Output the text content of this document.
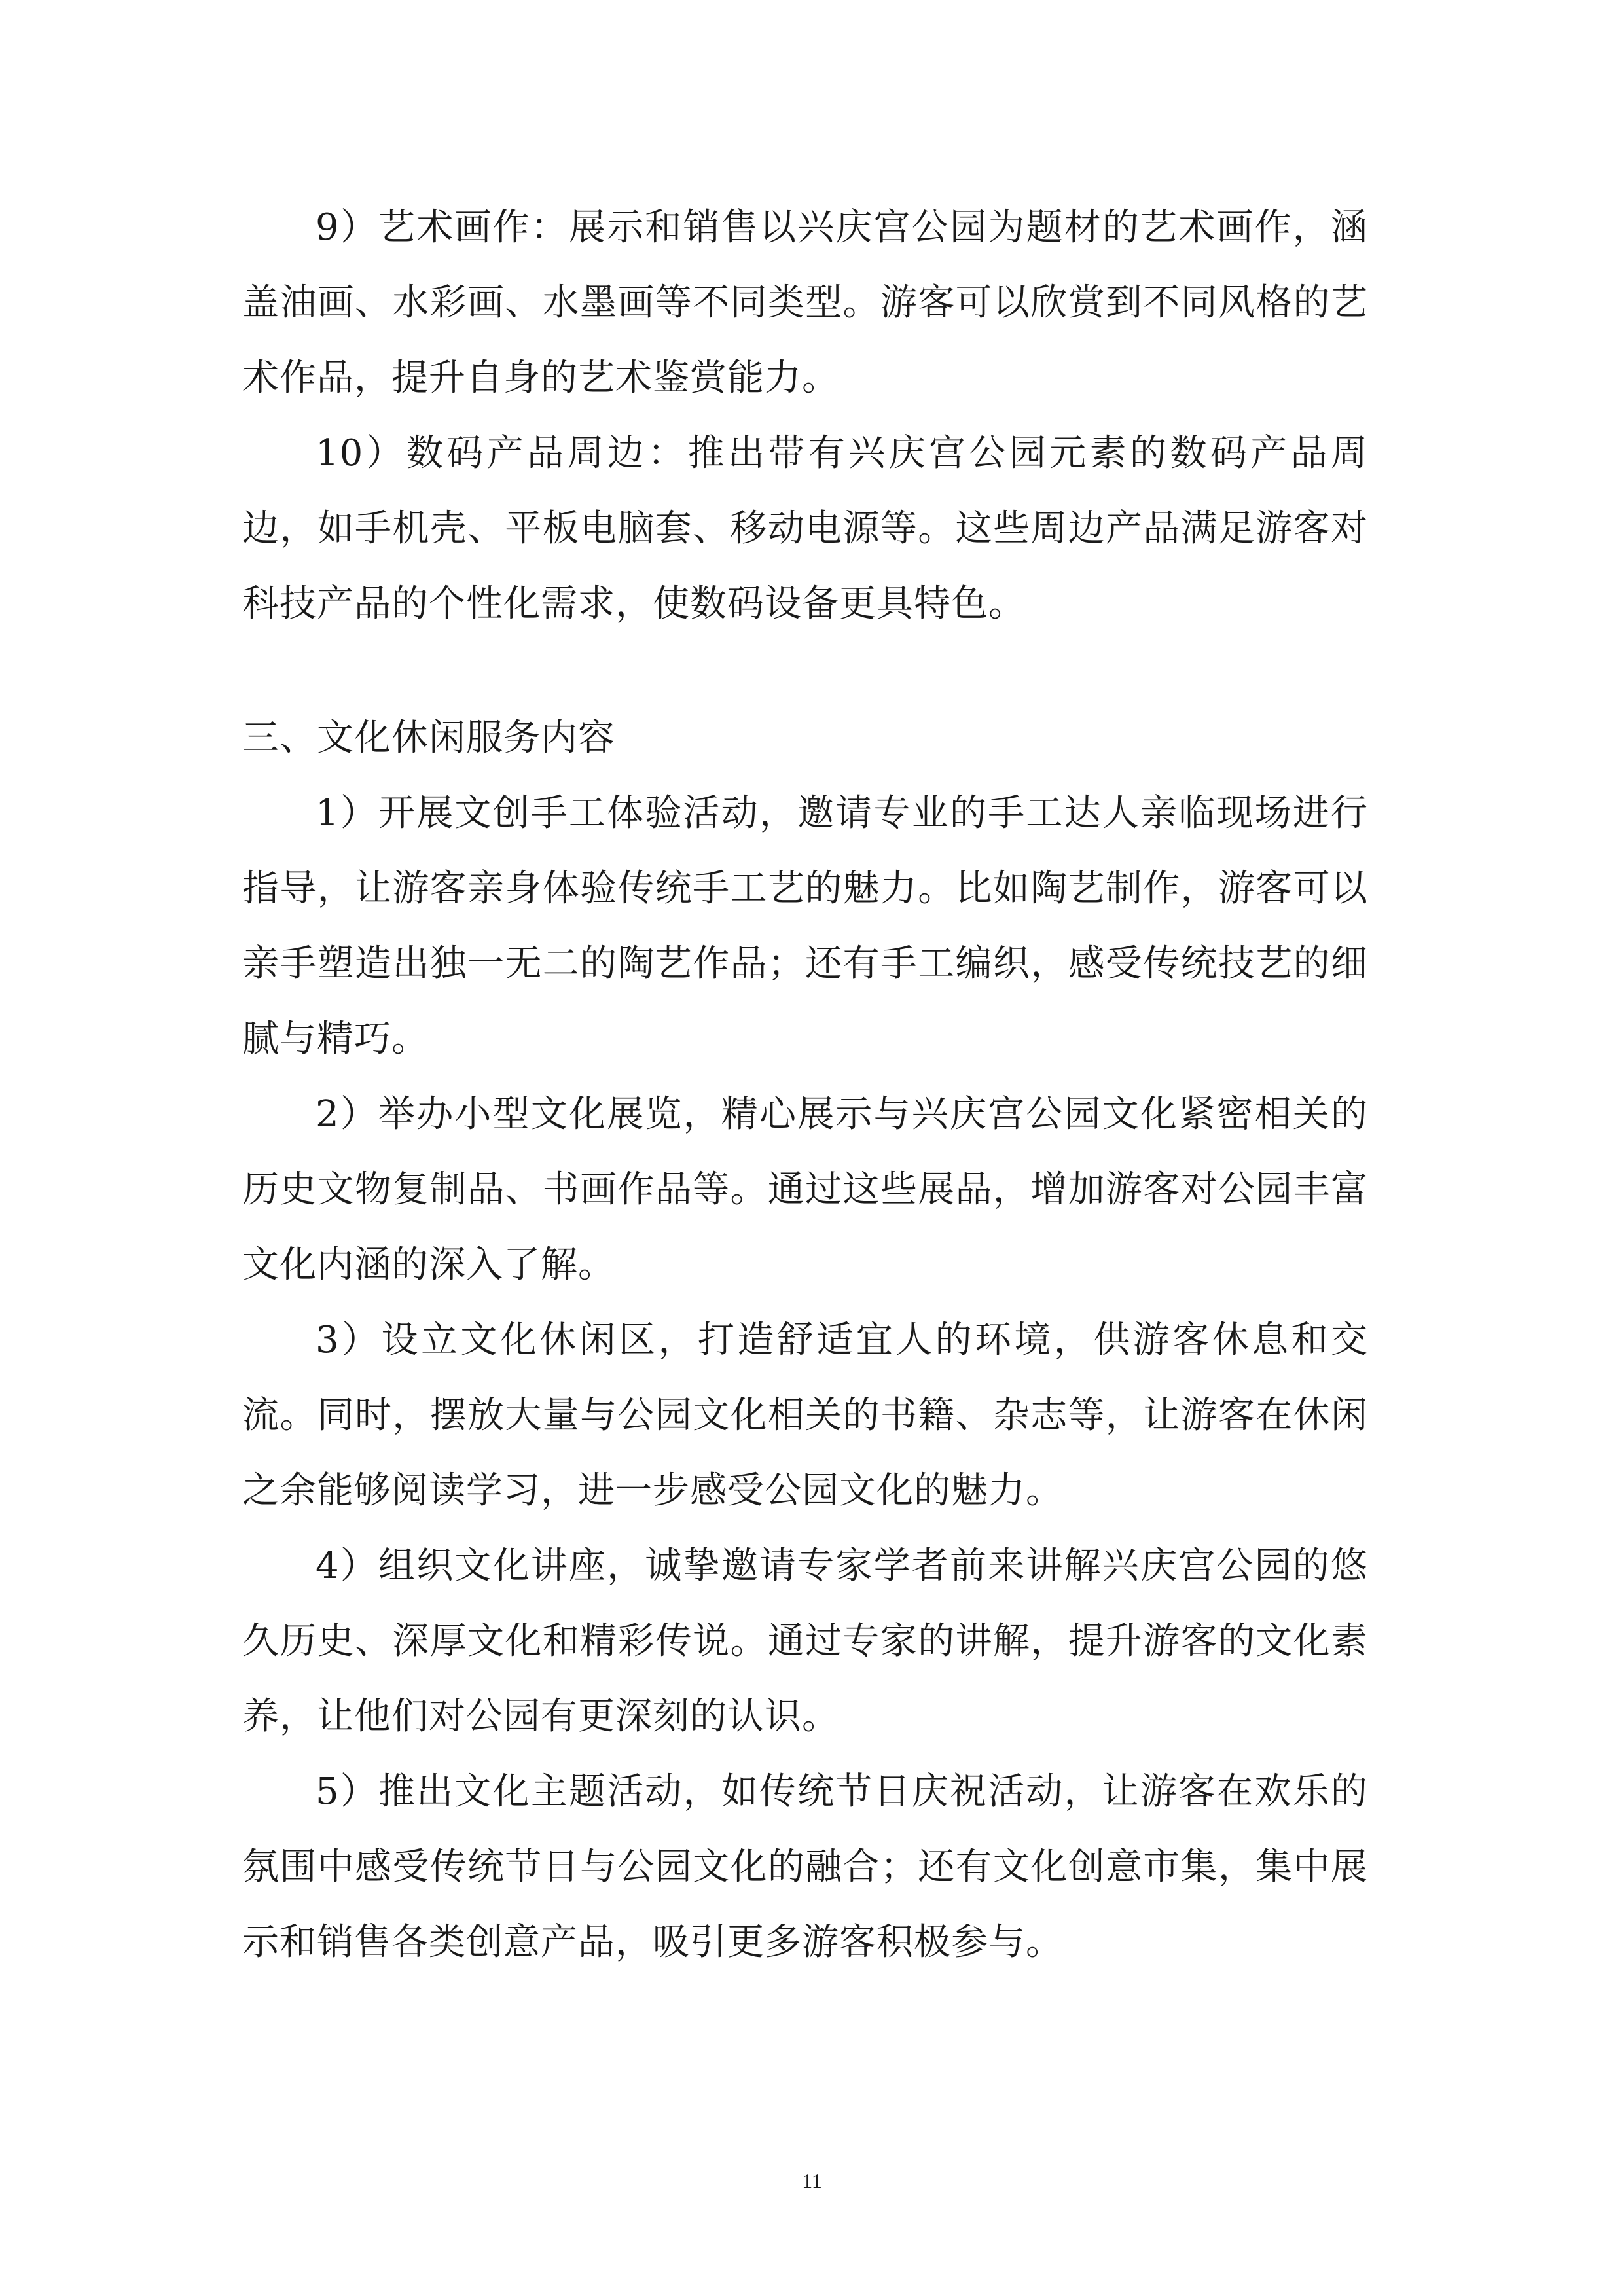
9）艺术画作：展示和销售以兴庆宫公园为题材的艺术画作，涵盖油画、水彩画、水墨画等不同类型。游客可以欣赏到不同风格的艺术作品，提升自身的艺术鉴赏能力。

10）数码产品周边：推出带有兴庆宫公园元素的数码产品周边，如手机壳、平板电脑套、移动电源等。这些周边产品满足游客对科技产品的个性化需求，使数码设备更具特色。

三、文化休闲服务内容

1）开展文创手工体验活动，邀请专业的手工达人亲临现场进行指导，让游客亲身体验传统手工艺的魅力。比如陶艺制作，游客可以亲手塑造出独一无二的陶艺作品；还有手工编织，感受传统技艺的细腻与精巧。

2）举办小型文化展览，精心展示与兴庆宫公园文化紧密相关的历史文物复制品、书画作品等。通过这些展品，增加游客对公园丰富文化内涵的深入了解。

3）设立文化休闲区，打造舒适宜人的环境，供游客休息和交流。同时，摆放大量与公园文化相关的书籍、杂志等，让游客在休闲之余能够阅读学习，进一步感受公园文化的魅力。

4）组织文化讲座，诚挚邀请专家学者前来讲解兴庆宫公园的悠久历史、深厚文化和精彩传说。通过专家的讲解，提升游客的文化素养，让他们对公园有更深刻的认识。

5）推出文化主题活动，如传统节日庆祝活动，让游客在欢乐的氛围中感受传统节日与公园文化的融合；还有文化创意市集，集中展示和销售各类创意产品，吸引更多游客积极参与。

11
